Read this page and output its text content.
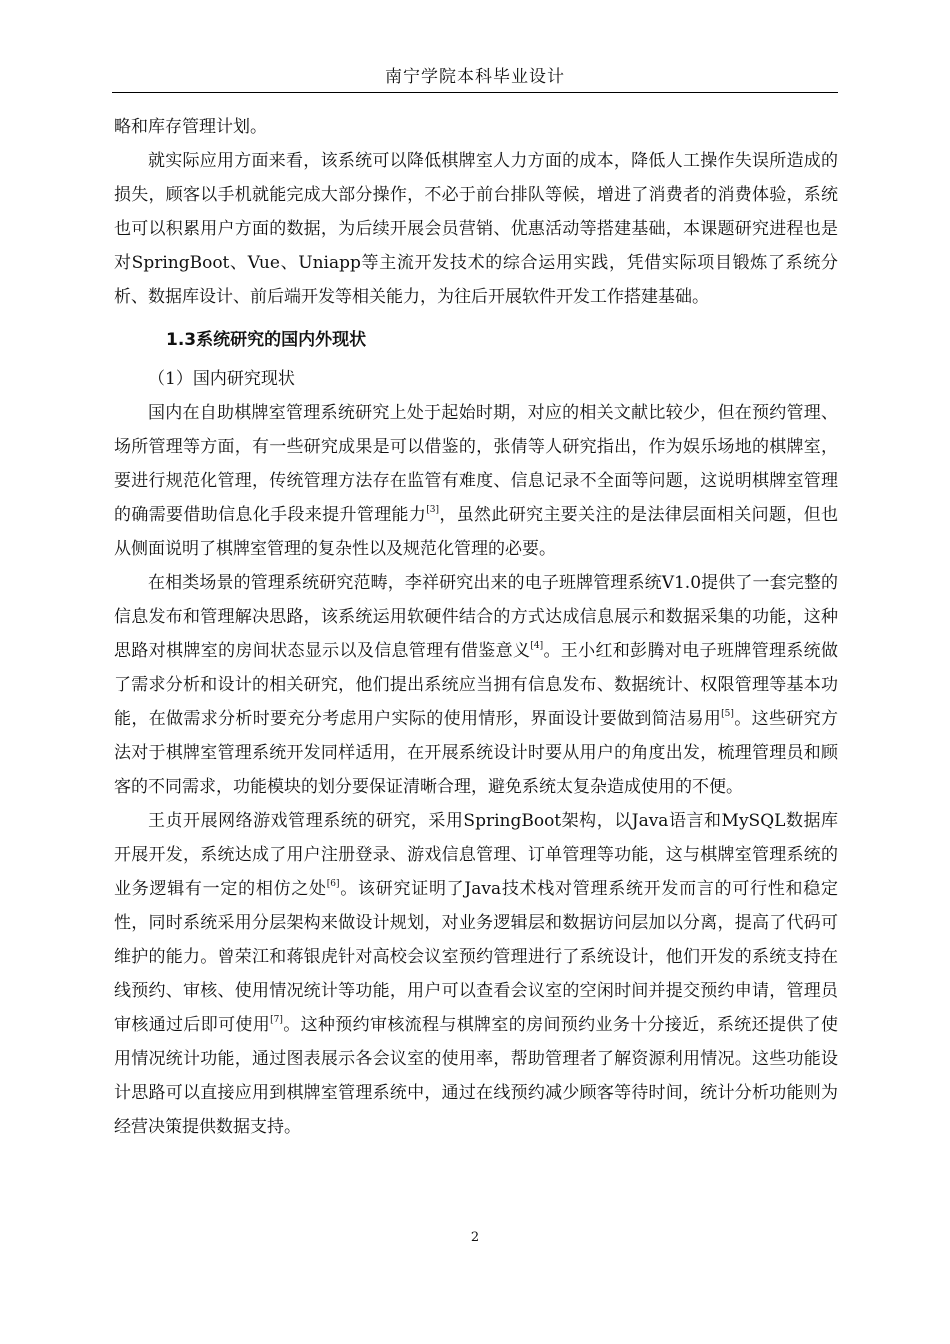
南宁学院本科毕业设计

略和库存管理计划。

就实际应用方面来看，该系统可以降低棋牌室人力方面的成本，降低人工操作失误所造成的损失，顾客以手机就能完成大部分操作，不必于前台排队等候，增进了消费者的消费体验，系统也可以积累用户方面的数据，为后续开展会员营销、优惠活动等搭建基础，本课题研究进程也是对SpringBoot、Vue、Uniapp等主流开发技术的综合运用实践，凭借实际项目锻炼了系统分析、数据库设计、前后端开发等相关能力，为往后开展软件开发工作搭建基础。

1.3系统研究的国内外现状

（1）国内研究现状

国内在自助棋牌室管理系统研究上处于起始时期，对应的相关文献比较少，但在预约管理、场所管理等方面，有一些研究成果是可以借鉴的，张倩等人研究指出，作为娱乐场地的棋牌室，要进行规范化管理，传统管理方法存在监管有难度、信息记录不全面等问题，这说明棋牌室管理的确需要借助信息化手段来提升管理能力[3]，虽然此研究主要关注的是法律层面相关问题，但也从侧面说明了棋牌室管理的复杂性以及规范化管理的必要。

在相类场景的管理系统研究范畴，李祥研究出来的电子班牌管理系统V1.0提供了一套完整的信息发布和管理解决思路，该系统运用软硬件结合的方式达成信息展示和数据采集的功能，这种思路对棋牌室的房间状态显示以及信息管理有借鉴意义[4]。王小红和彭腾对电子班牌管理系统做了需求分析和设计的相关研究，他们提出系统应当拥有信息发布、数据统计、权限管理等基本功能，在做需求分析时要充分考虑用户实际的使用情形，界面设计要做到简洁易用[5]。这些研究方法对于棋牌室管理系统开发同样适用，在开展系统设计时要从用户的角度出发，梳理管理员和顾客的不同需求，功能模块的划分要保证清晰合理，避免系统太复杂造成使用的不便。

王贞开展网络游戏管理系统的研究，采用SpringBoot架构，以Java语言和MySQL数据库开展开发，系统达成了用户注册登录、游戏信息管理、订单管理等功能，这与棋牌室管理系统的业务逻辑有一定的相仿之处[6]。该研究证明了Java技术栈对管理系统开发而言的可行性和稳定性，同时系统采用分层架构来做设计规划，对业务逻辑层和数据访问层加以分离，提高了代码可维护的能力。曾荣江和蒋银虎针对高校会议室预约管理进行了系统设计，他们开发的系统支持在线预约、审核、使用情况统计等功能，用户可以查看会议室的空闲时间并提交预约申请，管理员审核通过后即可使用[7]。这种预约审核流程与棋牌室的房间预约业务十分接近，系统还提供了使用情况统计功能，通过图表展示各会议室的使用率，帮助管理者了解资源利用情况。这些功能设计思路可以直接应用到棋牌室管理系统中，通过在线预约减少顾客等待时间，统计分析功能则为经营决策提供数据支持。

2
